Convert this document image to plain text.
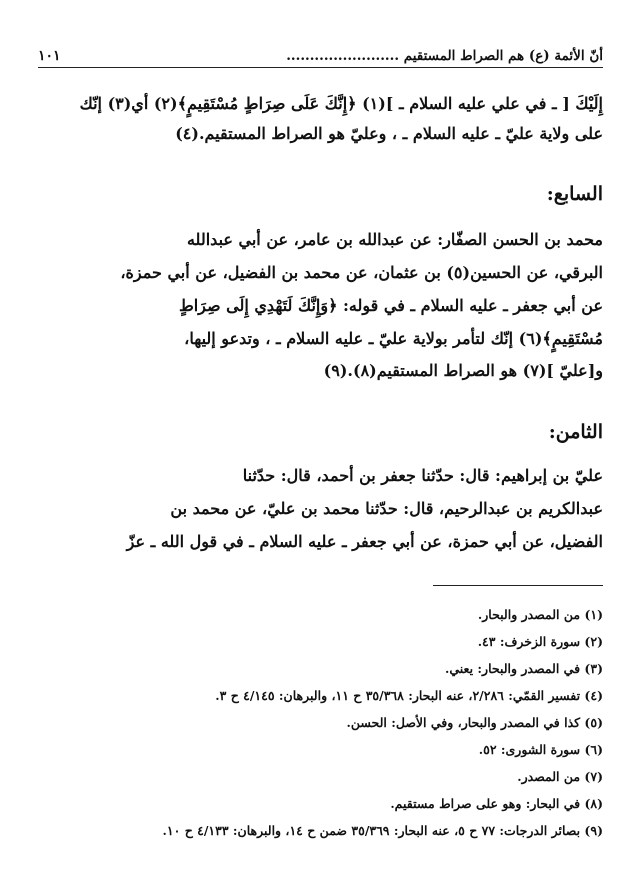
أنّ الأئمة (ع) هم الصراط المستقيم ........................
١٠١
إِلَيْكَ [ ـ في علي عليه السلام ـ ](١) ﴿إِنَّكَ عَلَى صِرَاطٍ مُسْتَقِيمٍ﴾(٢) أي(٣) إنّك
على ولاية عليّ ـ عليه السلام ـ ، وعليّ هو الصراط المستقيم.(٤)
السابع:
محمد بن الحسن الصفّار: عن عبدالله بن عامر، عن أبي عبدالله
البرقي، عن الحسين(٥) بن عثمان، عن محمد بن الفضيل، عن أبي حمزة،
عن أبي جعفر ـ عليه السلام ـ في قوله: ﴿وَإِنَّكَ لَتَهْدِي إِلَى صِرَاطٍ
مُسْتَقِيمٍ﴾(٦) إنّك لتأمر بولاية عليّ ـ عليه السلام ـ ، وتدعو إليها،
و[عليّ ](٧) هو الصراط المستقيم(٨).(٩)
الثامن:
عليّ بن إبراهيم: قال: حدّثنا جعفر بن أحمد، قال: حدّثنا
عبدالكريم بن عبدالرحيم، قال: حدّثنا محمد بن عليّ، عن محمد بن
الفضيل، عن أبي حمزة، عن أبي جعفر ـ عليه السلام ـ في قول الله ـ عزّ
(١) من المصدر والبحار.
(٢) سورة الزخرف: ٤٣.
(٣) في المصدر والبحار: يعني.
(٤) تفسير القمّي: ٢/٢٨٦، عنه البحار: ٣٥/٣٦٨ ح ١١، والبرهان: ٤/١٤٥ ح ٣.
(٥) كذا في المصدر والبحار، وفي الأصل: الحسن.
(٦) سورة الشورى: ٥٢.
(٧) من المصدر.
(٨) في البحار: وهو على صراط مستقيم.
(٩) بصائر الدرجات: ٧٧ ح ٥، عنه البحار: ٣٥/٣٦٩ ضمن ح ١٤، والبرهان: ٤/١٣٣ ح ١٠.
